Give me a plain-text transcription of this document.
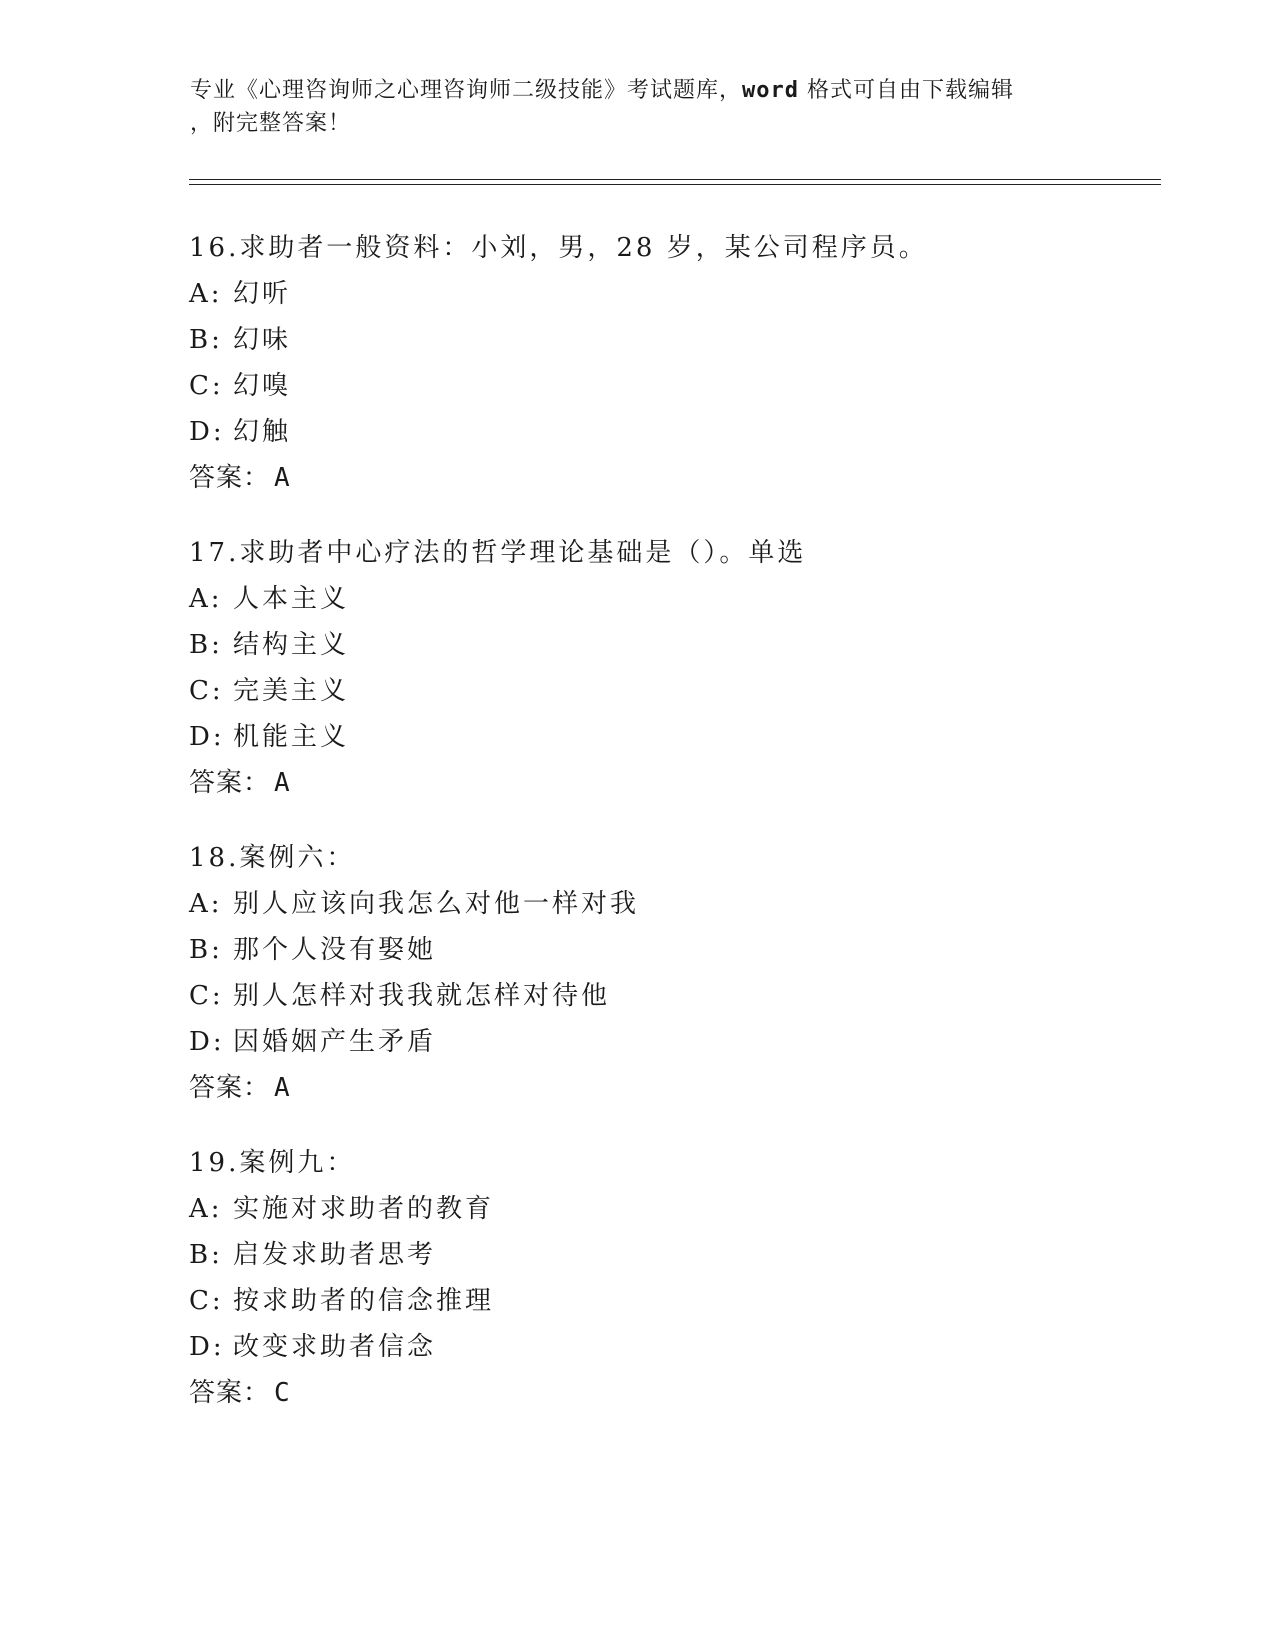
专业《心理咨询师之心理咨询师二级技能》考试题库，word 格式可自由下载编辑
，附完整答案！
16.求助者一般资料：小刘，男，28 岁，某公司程序员。
A: 幻听
B: 幻味
C: 幻嗅
D: 幻触
答案： A
17.求助者中心疗法的哲学理论基础是（）。单选
A: 人本主义
B: 结构主义
C: 完美主义
D: 机能主义
答案： A
18.案例六：
A: 别人应该向我怎么对他一样对我
B: 那个人没有娶她
C: 别人怎样对我我就怎样对待他
D: 因婚姻产生矛盾
答案： A
19.案例九：
A: 实施对求助者的教育
B: 启发求助者思考
C: 按求助者的信念推理
D: 改变求助者信念
答案： C
